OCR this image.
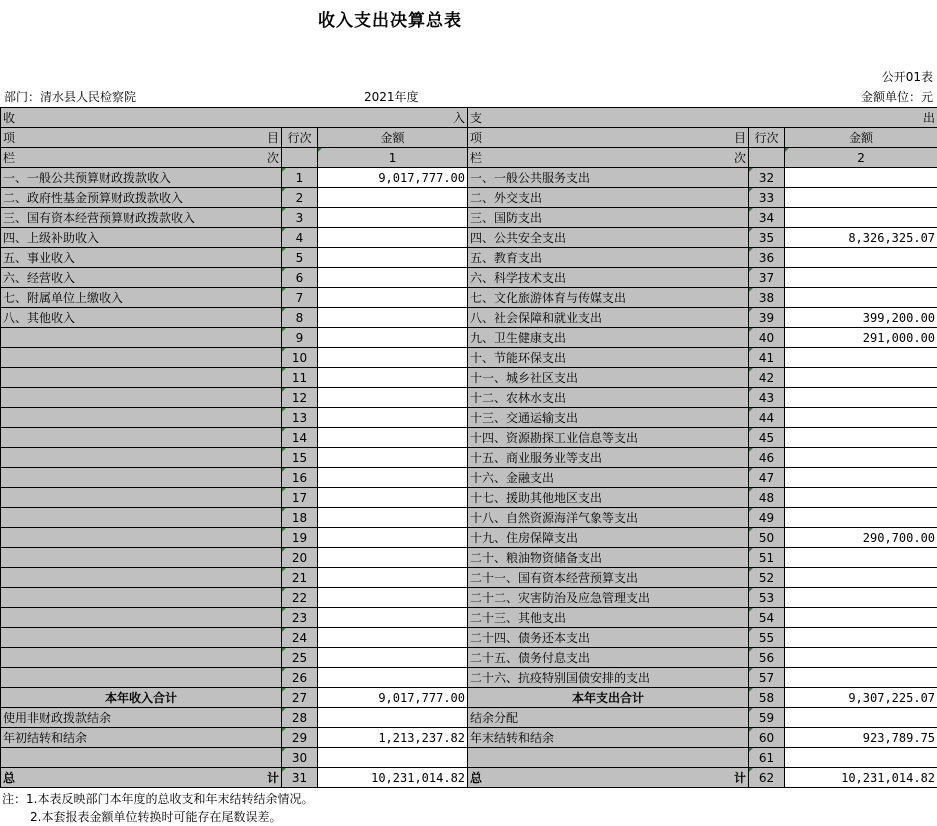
收入支出决算总表
公开01表
部门：清水县人民检察院	2021年度	金额单位：元
收 入			支 出		

项 目	行次	金额	项 目	行次	金额

栏 次		1	栏 次		2
一、一般公共预算财政拨款收入	1	9,017,777.00	一、一般公共服务支出	32	
二、政府性基金预算财政拨款收入	2		二、外交支出	33	
三、国有资本经营预算财政拨款收入	3		三、国防支出	34	
四、上级补助收入	4		四、公共安全支出	35	8,326,325.07
五、事业收入	5		五、教育支出	36	
六、经营收入	6		六、科学技术支出	37	
七、附属单位上缴收入	7		七、文化旅游体育与传媒支出	38	
八、其他收入	8		八、社会保障和就业支出	39	399,200.00
	9		九、卫生健康支出	40	291,000.00
	10		十、节能环保支出	41	
	11		十一、城乡社区支出	42	
	12		十二、农林水支出	43	
	13		十三、交通运输支出	44	
	14		十四、资源勘探工业信息等支出	45	
	15		十五、商业服务业等支出	46	
	16		十六、金融支出	47	
	17		十七、援助其他地区支出	48	
	18		十八、自然资源海洋气象等支出	49	
	19		十九、住房保障支出	50	290,700.00
	20		二十、粮油物资储备支出	51	
	21		二十一、国有资本经营预算支出	52	
	22		二十二、灾害防治及应急管理支出	53	
	23		二十三、其他支出	54	
	24		二十四、债务还本支出	55	
	25		二十五、债务付息支出	56	
	26		二十六、抗疫特别国债安排的支出	57	
本年收入合计	27	9,017,777.00	本年支出合计	58	9,307,225.07
使用非财政拨款结余	28		结余分配	59	
年初结转和结余	29	1,213,237.82	年末结转和结余	60	923,789.75
	30			61	

总 计	31	10,231,014.82	总 计	62	10,231,014.82
注：1.本表反映部门本年度的总收支和年末结转结余情况。
2.本套报表金额单位转换时可能存在尾数误差。
